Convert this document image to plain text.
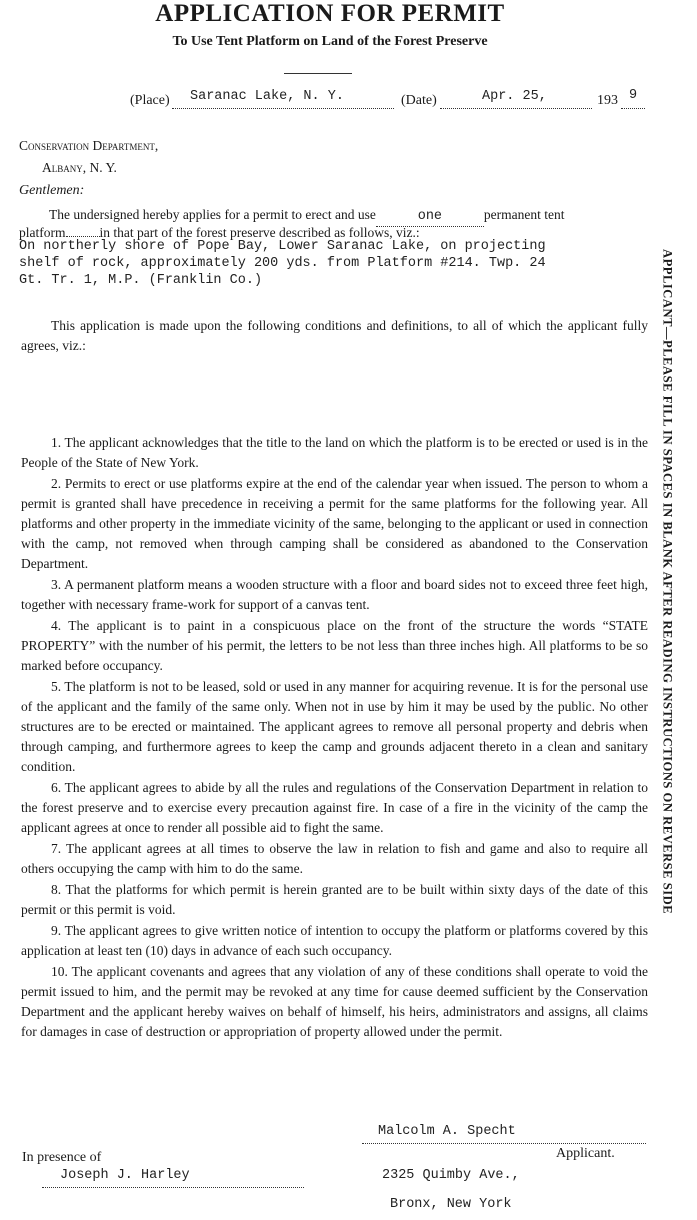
APPLICATION FOR PERMIT
To Use Tent Platform on Land of the Forest Preserve
(Place)	Saranac Lake, N. Y.	(Date)	Apr. 25,	193 9
Conservation Department,
Albany, N. Y.
Gentlemen:
The undersigned hereby applies for a permit to erect and use	one	permanent tent
platform	in that part of the forest preserve described as follows, viz.:
On northerly shore of Pope Bay, Lower Saranac Lake, on projecting
shelf of rock, approximately 200 yds. from Platform #214. Twp. 24
Gt. Tr. 1, M.P. (Franklin Co.)
This application is made upon the following conditions and definitions, to all of which the applicant fully agrees, viz.:

1. The applicant acknowledges that the title to the land on which the platform is to be erected or used is in the People of the State of New York.

2. Permits to erect or use platforms expire at the end of the calendar year when issued. The person to whom a permit is granted shall have precedence in receiving a permit for the same platforms for the following year. All platforms and other property in the immediate vicinity of the same, belonging to the applicant or used in connection with the camp, not removed when through camping shall be considered as abandoned to the Conservation Department.

3. A permanent platform means a wooden structure with a floor and board sides not to exceed three feet high, together with necessary frame-work for support of a canvas tent.

4. The applicant is to paint in a conspicuous place on the front of the structure the words “STATE PROPERTY” with the number of his permit, the letters to be not less than three inches high. All platforms to be so marked before occupancy.

5. The platform is not to be leased, sold or used in any manner for acquiring revenue. It is for the personal use of the applicant and the family of the same only. When not in use by him it may be used by the public. No other structures are to be erected or maintained. The applicant agrees to remove all personal property and debris when through camping, and furthermore agrees to keep the camp and grounds adjacent thereto in a clean and sanitary condition.

6. The applicant agrees to abide by all the rules and regulations of the Conservation Department in relation to the forest preserve and to exercise every precaution against fire. In case of a fire in the vicinity of the camp the applicant agrees at once to render all possible aid to fight the same.

7. The applicant agrees at all times to observe the law in relation to fish and game and also to require all others occupying the camp with him to do the same.

8. That the platforms for which permit is herein granted are to be built within sixty days of the date of this permit or this permit is void.

9. The applicant agrees to give written notice of intention to occupy the platform or platforms covered by this application at least ten (10) days in advance of each such occupancy.

10. The applicant covenants and agrees that any violation of any of these conditions shall operate to void the permit issued to him, and the permit may be revoked at any time for cause deemed sufficient by the Conservation Department and the applicant hereby waives on behalf of himself, his heirs, administrators and assigns, all claims for damages in case of destruction or appropriation of property allowed under the permit.

Malcolm A. Specht
Applicant.
In presence of
Joseph J. Harley	2325 Quimby Ave.,
Bronx, New York
APPLICANT—PLEASE FILL IN SPACES IN BLANK AFTER READING INSTRUCTIONS ON REVERSE SIDE
